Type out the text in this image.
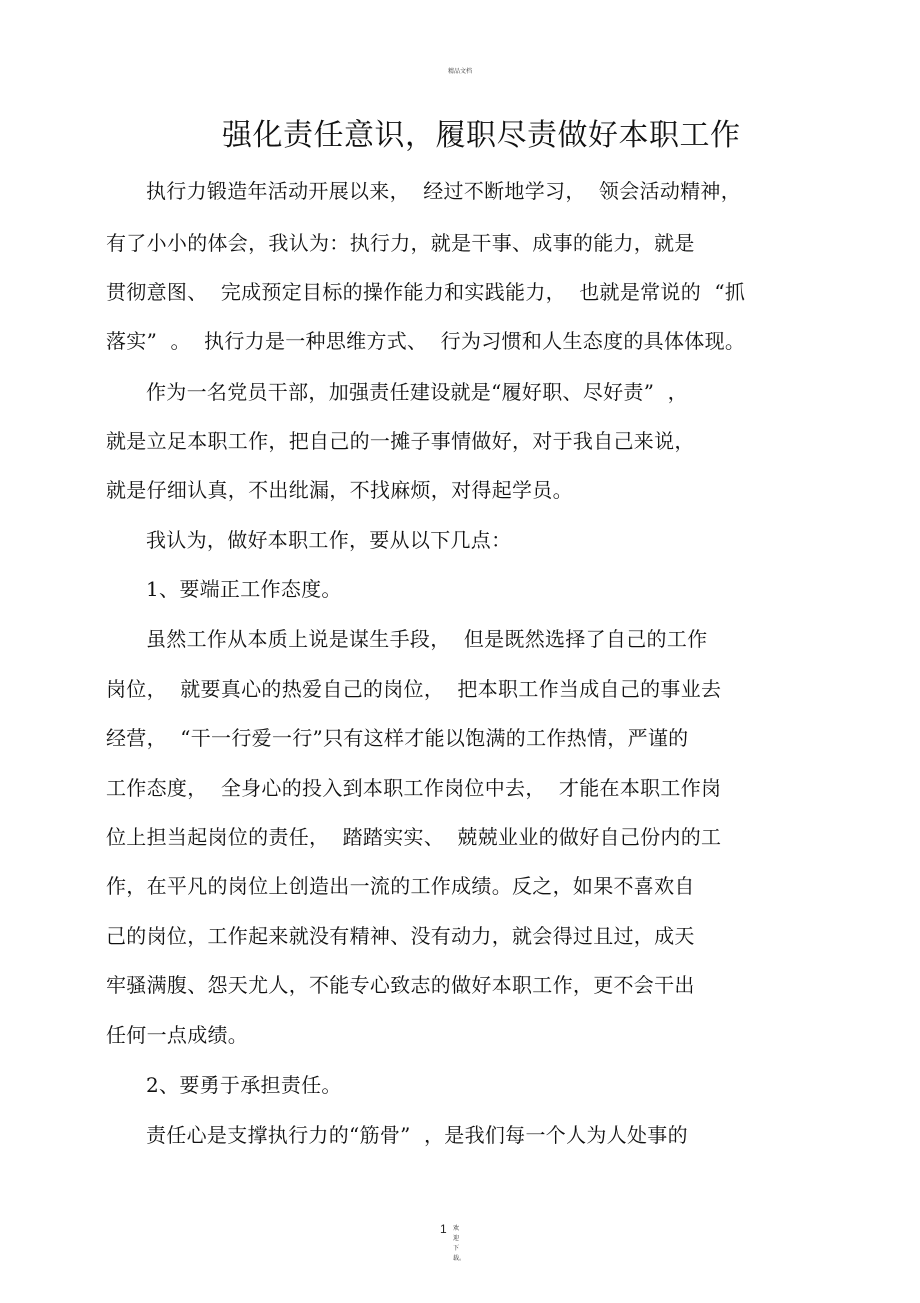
精品文档
强化责任意识，履职尽责做好本职工作
执行力锻造年活动开展以来，  经过不断地学习，  领会活动精神，
有了小小的体会，我认为：执行力，就是干事、成事的能力，就是
贯彻意图、  完成预定目标的操作能力和实践能力，  也就是常说的  “抓
落实”  。  执行力是一种思维方式、  行为习惯和人生态度的具体体现。
作为一名党员干部，加强责任建设就是“履好职、尽好责”  ，
就是立足本职工作，把自己的一摊子事情做好，对于我自己来说，
就是仔细认真，不出纰漏，不找麻烦，对得起学员。
我认为，做好本职工作，要从以下几点：
1、要端正工作态度。
虽然工作从本质上说是谋生手段，  但是既然选择了自己的工作
岗位，  就要真心的热爱自己的岗位，  把本职工作当成自己的事业去
经营，  “干一行爱一行”只有这样才能以饱满的工作热情，严谨的
工作态度，  全身心的投入到本职工作岗位中去，  才能在本职工作岗
位上担当起岗位的责任，  踏踏实实、  兢兢业业的做好自己份内的工
作，在平凡的岗位上创造出一流的工作成绩。反之，如果不喜欢自
己的岗位，工作起来就没有精神、没有动力，就会得过且过，成天
牢骚满腹、怨天尤人，不能专心致志的做好本职工作，更不会干出
任何一点成绩。
2、要勇于承担责任。
责任心是支撑执行力的“筋骨”  ，是我们每一个人为人处事的
1 欢迎下载。
